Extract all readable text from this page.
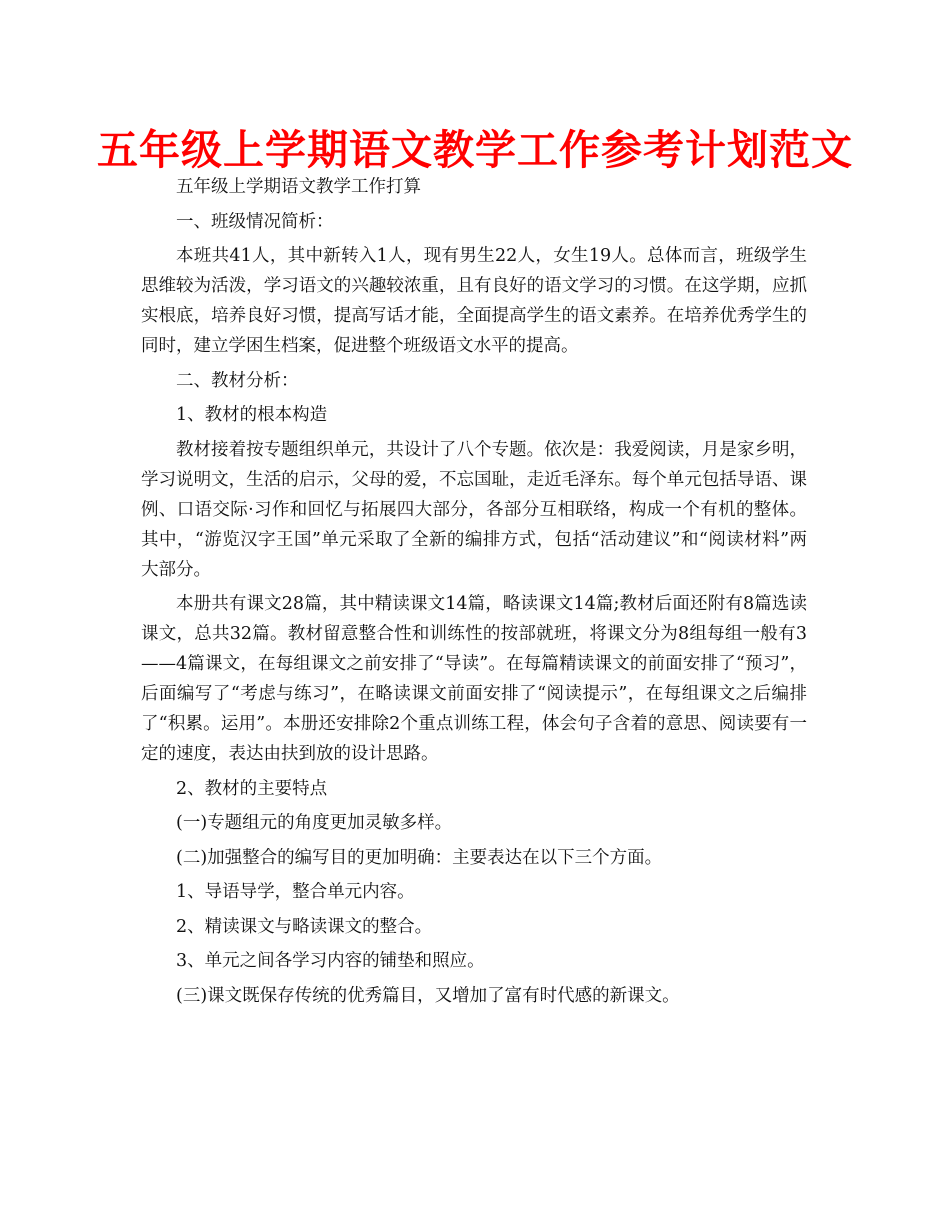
五年级上学期语文教学工作参考计划范文

五年级上学期语文教学工作打算

一、班级情况简析：

本班共41人，其中新转入1人，现有男生22人，女生19人。总体而言，班级学生思维较为活泼，学习语文的兴趣较浓重，且有良好的语文学习的习惯。在这学期，应抓实根底，培养良好习惯，提高写话才能，全面提高学生的语文素养。在培养优秀学生的同时，建立学困生档案，促进整个班级语文水平的提高。

二、教材分析：

1、教材的根本构造

教材接着按专题组织单元，共设计了八个专题。依次是：我爱阅读，月是家乡明，学习说明文，生活的启示，父母的爱，不忘国耻，走近毛泽东。每个单元包括导语、课例、口语交际·习作和回忆与拓展四大部分，各部分互相联络，构成一个有机的整体。其中，“游览汉字王国”单元采取了全新的编排方式，包括“活动建议”和“阅读材料”两大部分。

本册共有课文28篇，其中精读课文14篇，略读课文14篇;教材后面还附有8篇选读课文，总共32篇。教材留意整合性和训练性的按部就班，将课文分为8组每组一般有3——4篇课文，在每组课文之前安排了“导读”。在每篇精读课文的前面安排了“预习”，后面编写了“考虑与练习”，在略读课文前面安排了“阅读提示”，在每组课文之后编排了“积累。运用”。本册还安排除2个重点训练工程，体会句子含着的意思、阅读要有一定的速度，表达由扶到放的设计思路。

2、教材的主要特点

(一)专题组元的角度更加灵敏多样。

(二)加强整合的编写目的更加明确：主要表达在以下三个方面。

1、导语导学，整合单元内容。

2、精读课文与略读课文的整合。

3、单元之间各学习内容的铺垫和照应。

(三)课文既保存传统的优秀篇目，又增加了富有时代感的新课文。
